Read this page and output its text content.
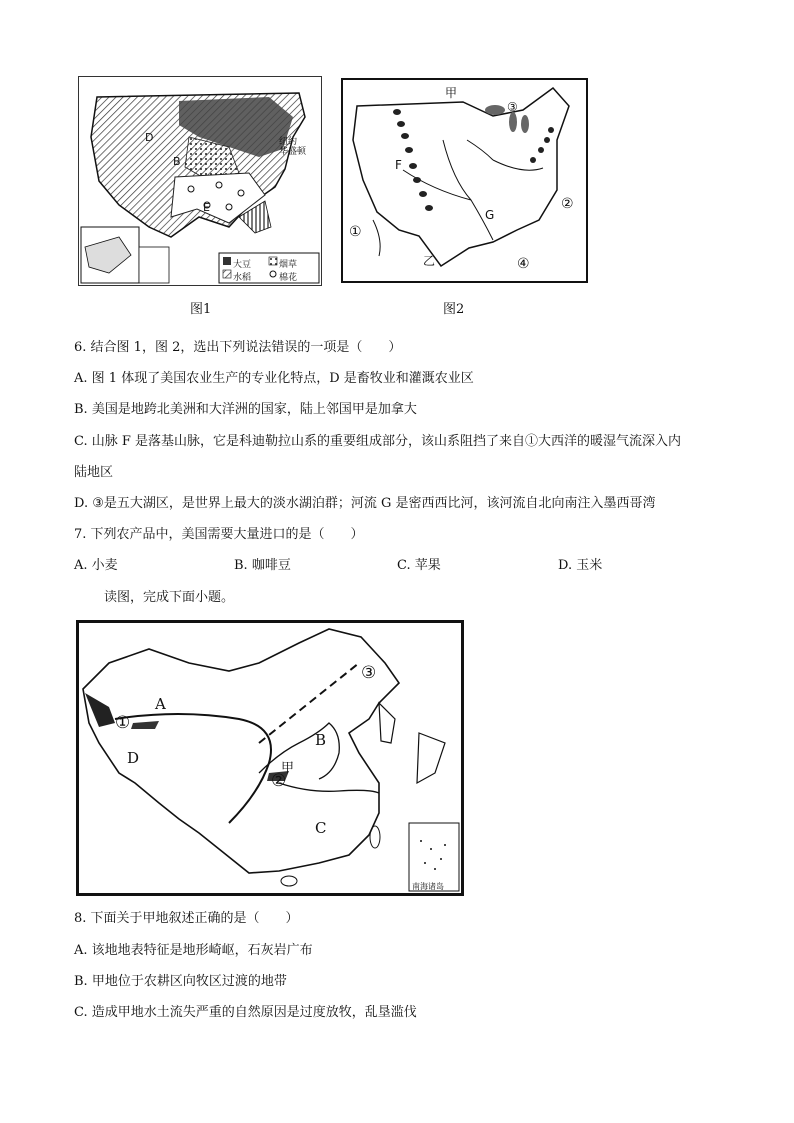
D
B
E
纽约
华盛顿
大豆
水稻
烟草
棉花
图1
甲
③
F
G
①
②
乙	④
图2
6. 结合图 1，图 2，选出下列说法错误的一项是（　　）
A. 图 1 体现了美国农业生产的专业化特点，D 是畜牧业和灌溉农业区
B. 美国是地跨北美洲和大洋洲的国家，陆上邻国甲是加拿大
C. 山脉 F 是落基山脉，它是科迪勒拉山系的重要组成部分，该山系阻挡了来自①大西洋的暖湿气流深入内
陆地区
D. ③是五大湖区，是世界上最大的淡水湖泊群；河流 G 是密西西比河，该河流自北向南注入墨西哥湾
7. 下列农产品中，美国需要大量进口的是（　　）
A. 小麦	B. 咖啡豆	C. 苹果	D. 玉米
读图，完成下面小题。
A
①
D
B
甲
②
C
③
南海诸岛
8. 下面关于甲地叙述正确的是（　　）
A. 该地地表特征是地形崎岖，石灰岩广布
B. 甲地位于农耕区向牧区过渡的地带
C. 造成甲地水土流失严重的自然原因是过度放牧，乱垦滥伐
